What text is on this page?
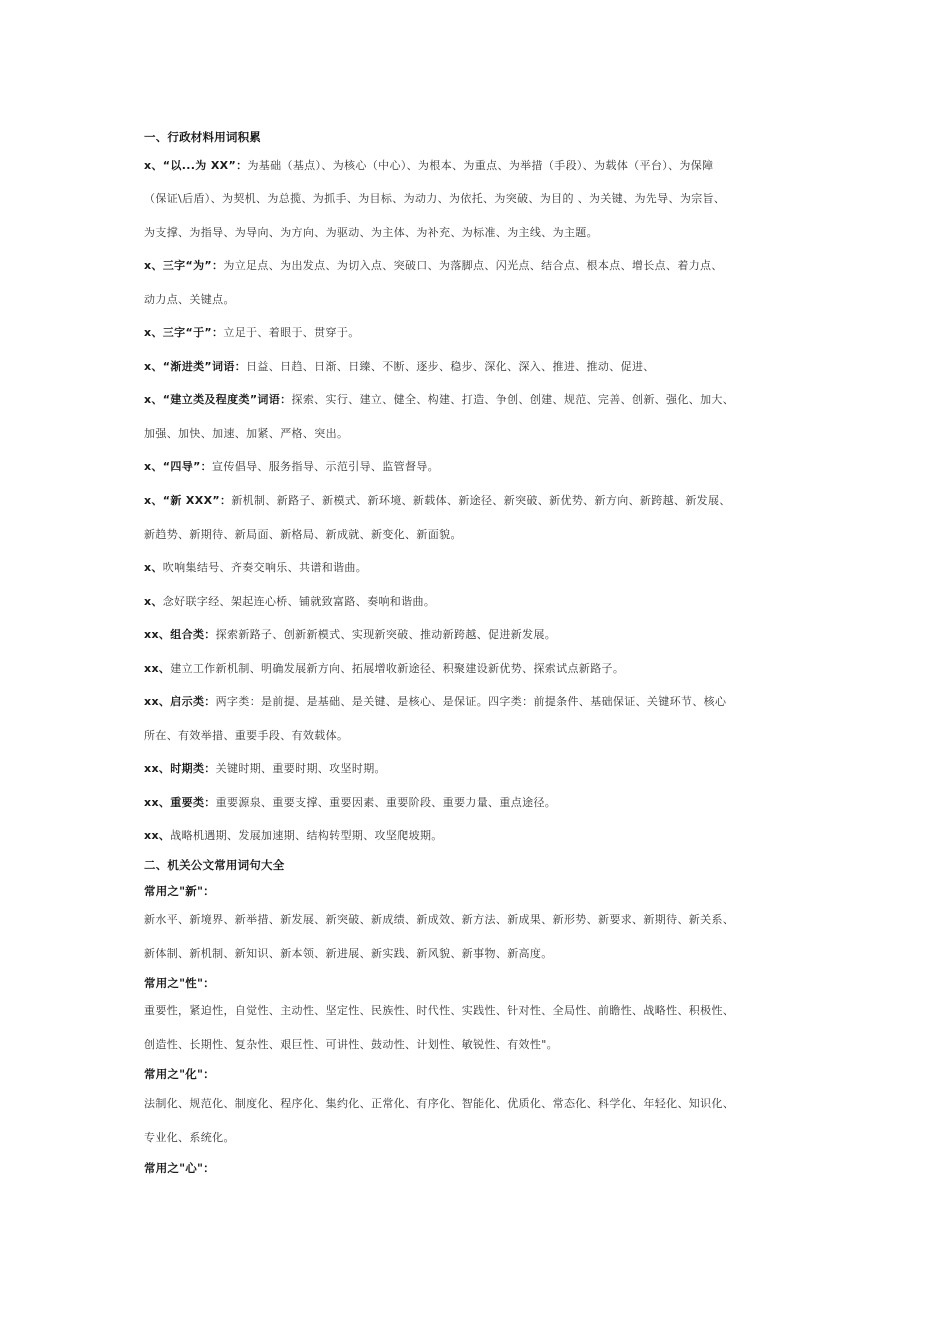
一、行政材料用词积累
x、“以...为 XX”：为基础（基点）、为核心（中心）、为根本、为重点、为举措（手段）、为载体（平台）、为保障
（保证\后盾）、为契机、为总揽、为抓手、为目标、为动力、为依托、为突破、为目的 、为关键、为先导、为宗旨、
为支撑、为指导、为导向、为方向、为驱动、为主体、为补充、为标准、为主线、为主题。
x、三字“为”：为立足点、为出发点、为切入点、突破口、为落脚点、闪光点、结合点、根本点、增长点、着力点、
动力点、关键点。
x、三字“于”：立足于、着眼于、贯穿于。
x、“渐进类”词语：日益、日趋、日渐、日臻、不断、逐步、稳步、深化、深入、推进、推动、促进、
x、“建立类及程度类”词语：探索、实行、建立、健全、构建、打造、争创、创建、规范、完善、创新、强化、加大、
加强、加快、加速、加紧、严格、突出。
x、“四导”：宣传倡导、服务指导、示范引导、监管督导。
x、“新 XXX”：新机制、新路子、新模式、新环境、新载体、新途径、新突破、新优势、新方向、新跨越、新发展、
新趋势、新期待、新局面、新格局、新成就、新变化、新面貌。
x、吹响集结号、齐奏交响乐、共谱和谐曲。
x、念好联字经、架起连心桥、铺就致富路、奏响和谐曲。
xx、组合类：探索新路子、创新新模式、实现新突破、推动新跨越、促进新发展。
xx、建立工作新机制、明确发展新方向、拓展增收新途径、积聚建设新优势、探索试点新路子。
xx、启示类：两字类：是前提、是基础、是关键、是核心、是保证。四字类：前提条件、基础保证、关键环节、核心
所在、有效举措、重要手段、有效载体。
xx、时期类：关键时期、重要时期、攻坚时期。
xx、重要类：重要源泉、重要支撑、重要因素、重要阶段、重要力量、重点途径。
xx、战略机遇期、发展加速期、结构转型期、攻坚爬坡期。
二、机关公文常用词句大全
常用之"新"：
新水平、新境界、新举措、新发展、新突破、新成绩、新成效、新方法、新成果、新形势、新要求、新期待、新关系、
新体制、新机制、新知识、新本领、新进展、新实践、新风貌、新事物、新高度。
常用之"性"：
重要性，紧迫性，自觉性、主动性、坚定性、民族性、时代性、实践性、针对性、全局性、前瞻性、战略性、积极性、
创造性、长期性、复杂性、艰巨性、可讲性、鼓动性、计划性、敏锐性、有效性"。
常用之"化"：
法制化、规范化、制度化、程序化、集约化、正常化、有序化、智能化、优质化、常态化、科学化、年轻化、知识化、
专业化、系统化。
常用之"心"：
